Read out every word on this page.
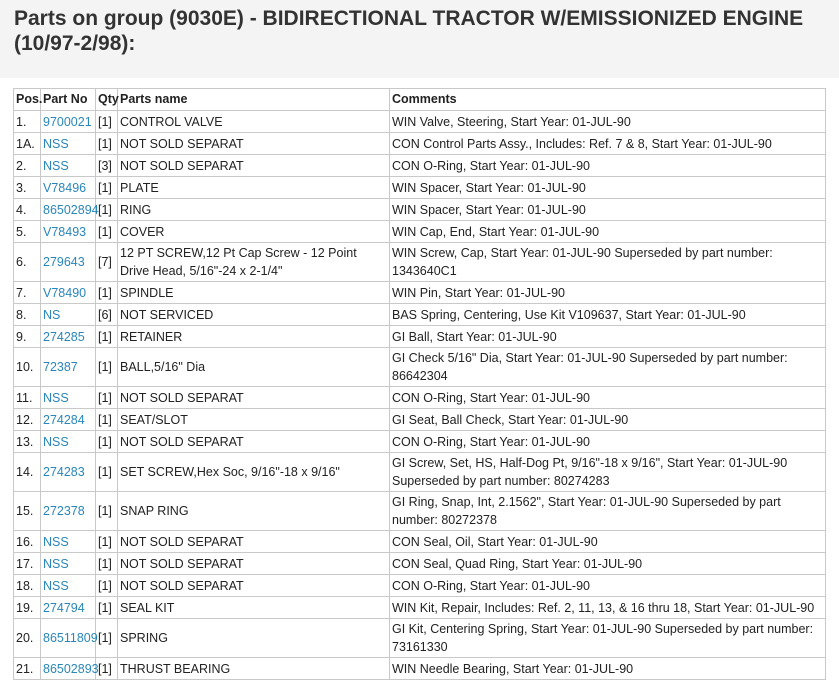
Parts on group (9030E) - BIDIRECTIONAL TRACTOR W/EMISSIONIZED ENGINE (10/97-2/98):
Pos.	Part No	Qty	Parts name	Comments
1.	9700021	[1]	CONTROL VALVE	WIN Valve, Steering, Start Year: 01-JUL-90
1A.	NSS	[1]	NOT SOLD SEPARAT	CON Control Parts Assy., Includes: Ref. 7 & 8, Start Year: 01-JUL-90
2.	NSS	[3]	NOT SOLD SEPARAT	CON O-Ring, Start Year: 01-JUL-90
3.	V78496	[1]	PLATE	WIN Spacer, Start Year: 01-JUL-90
4.	86502894	[1]	RING	WIN Spacer, Start Year: 01-JUL-90
5.	V78493	[1]	COVER	WIN Cap, End, Start Year: 01-JUL-90
6.	279643	[7]	12 PT SCREW,12 Pt Cap Screw - 12 Point Drive Head, 5/16"-24 x 2-1/4"	WIN Screw, Cap, Start Year: 01-JUL-90 Superseded by part number: 1343640C1
7.	V78490	[1]	SPINDLE	WIN Pin, Start Year: 01-JUL-90
8.	NS	[6]	NOT SERVICED	BAS Spring, Centering, Use Kit V109637, Start Year: 01-JUL-90
9.	274285	[1]	RETAINER	GI Ball, Start Year: 01-JUL-90
10.	72387	[1]	BALL,5/16" Dia	GI Check 5/16" Dia, Start Year: 01-JUL-90 Superseded by part number: 86642304
11.	NSS	[1]	NOT SOLD SEPARAT	CON O-Ring, Start Year: 01-JUL-90
12.	274284	[1]	SEAT/SLOT	GI Seat, Ball Check, Start Year: 01-JUL-90
13.	NSS	[1]	NOT SOLD SEPARAT	CON O-Ring, Start Year: 01-JUL-90
14.	274283	[1]	SET SCREW,Hex Soc, 9/16"-18 x 9/16"	GI Screw, Set, HS, Half-Dog Pt, 9/16"-18 x 9/16", Start Year: 01-JUL-90 Superseded by part number: 80274283
15.	272378	[1]	SNAP RING	GI Ring, Snap, Int, 2.1562", Start Year: 01-JUL-90 Superseded by part number: 80272378
16.	NSS	[1]	NOT SOLD SEPARAT	CON Seal, Oil, Start Year: 01-JUL-90
17.	NSS	[1]	NOT SOLD SEPARAT	CON Seal, Quad Ring, Start Year: 01-JUL-90
18.	NSS	[1]	NOT SOLD SEPARAT	CON O-Ring, Start Year: 01-JUL-90
19.	274794	[1]	SEAL KIT	WIN Kit, Repair, Includes: Ref. 2, 11, 13, & 16 thru 18, Start Year: 01-JUL-90
20.	86511809	[1]	SPRING	GI Kit, Centering Spring, Start Year: 01-JUL-90 Superseded by part number: 73161330
21.	86502893	[1]	THRUST BEARING	WIN Needle Bearing, Start Year: 01-JUL-90
